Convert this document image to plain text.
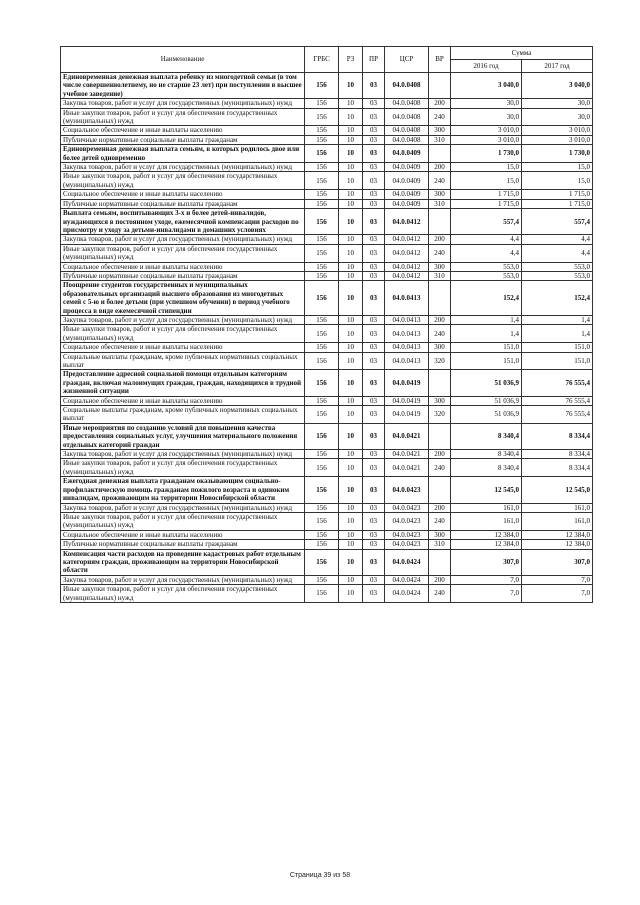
Наименование	ГРБС	РЗ	ПР	ЦСР	ВР	Сумма	
						2016 год	2017 год
Единовременная денежная выплата ребенку из многодетной семьи (в том числе совершеннолетнему, но не старше 23 лет) при поступлении в высшее учебное заведение)	156	10	03	04.0.0408		3 040,0	3 040,0
Закупка товаров, работ и услуг для государственных (муниципальных) нужд	156	10	03	04.0.0408	200	30,0	30,0
Иные закупки товаров, работ и услуг для обеспечения государственных (муниципальных) нужд	156	10	03	04.0.0408	240	30,0	30,0
Социальное обеспечение и иные выплаты населению	156	10	03	04.0.0408	300	3 010,0	3 010,0
Публичные нормативные социальные выплаты гражданам	156	10	03	04.0.0408	310	3 010,0	3 010,0
Единовременная денежная выплата семьям, в которых родилось двое или более детей одновременно	156	10	03	04.0.0409		1 730,0	1 730,0
Закупка товаров, работ и услуг для государственных (муниципальных) нужд	156	10	03	04.0.0409	200	15,0	15,0
Иные закупки товаров, работ и услуг для обеспечения государственных (муниципальных) нужд	156	10	03	04.0.0409	240	15,0	15,0
Социальное обеспечение и иные выплаты населению	156	10	03	04.0.0409	300	1 715,0	1 715,0
Публичные нормативные социальные выплаты гражданам	156	10	03	04.0.0409	310	1 715,0	1 715,0
Выплата семьям, воспитывающих 3-х и более детей-инвалидов, нуждающихся в постоянном уходе, ежемесячной компенсации расходов по присмотру и уходу за детьми-инвалидами в домашних условиях	156	10	03	04.0.0412		557,4	557,4
Закупка товаров, работ и услуг для государственных (муниципальных) нужд	156	10	03	04.0.0412	200	4,4	4,4
Иные закупки товаров, работ и услуг для обеспечения государственных (муниципальных) нужд	156	10	03	04.0.0412	240	4,4	4,4
Социальное обеспечение и иные выплаты населению	156	10	03	04.0.0412	300	553,0	553,0
Публичные нормативные социальные выплаты гражданам	156	10	03	04.0.0412	310	553,0	553,0
Поощрение студентов государственных и муниципальных образовательных организаций высшего образования из многодетных семей с 5-ю и более детьми (при успешном обучении) в период учебного процесса в виде ежемесячной стипендии	156	10	03	04.0.0413		152,4	152,4
Закупка товаров, работ и услуг для государственных (муниципальных) нужд	156	10	03	04.0.0413	200	1,4	1,4
Иные закупки товаров, работ и услуг для обеспечения государственных (муниципальных) нужд	156	10	03	04.0.0413	240	1,4	1,4
Социальное обеспечение и иные выплаты населению	156	10	03	04.0.0413	300	151,0	151,0
Социальные выплаты гражданам, кроме публичных нормативных социальных выплат	156	10	03	04.0.0413	320	151,0	151,0
Предоставление адресной социальной помощи отдельным категориям граждан, включая малоимущих граждан, граждан, находящихся в трудной жизненной ситуации	156	10	03	04.0.0419		51 036,9	76 555,4
Социальное обеспечение и иные выплаты населению	156	10	03	04.0.0419	300	51 036,9	76 555,4
Социальные выплаты гражданам, кроме публичных нормативных социальных выплат	156	10	03	04.0.0419	320	51 036,9	76 555,4
Иные мероприятия по созданию условий для повышения качества предоставления социальных услуг, улучшения материального положения отдельных категорий граждан	156	10	03	04.0.0421		8 340,4	8 334,4
Закупка товаров, работ и услуг для государственных (муниципальных) нужд	156	10	03	04.0.0421	200	8 340,4	8 334,4
Иные закупки товаров, работ и услуг для обеспечения государственных (муниципальных) нужд	156	10	03	04.0.0421	240	8 340,4	8 334,4
Ежегодная денежная выплата гражданам оказывающим социально- профилактическую помощь гражданам пожилого возраста и одиноким инвалидам, проживающим на территории Новосибирской области	156	10	03	04.0.0423		12 545,0	12 545,0
Закупка товаров, работ и услуг для государственных (муниципальных) нужд	156	10	03	04.0.0423	200	161,0	161,0
Иные закупки товаров, работ и услуг для обеспечения государственных (муниципальных) нужд	156	10	03	04.0.0423	240	161,0	161,0
Социальное обеспечение и иные выплаты населению	156	10	03	04.0.0423	300	12 384,0	12 384,0
Публичные нормативные социальные выплаты гражданам	156	10	03	04.0.0423	310	12 384,0	12 384,0
Компенсация части расходов на проведение кадастровых работ отдельным категориям граждан, проживающим на территории Новосибирской области	156	10	03	04.0.0424		307,0	307,0
Закупка товаров, работ и услуг для государственных (муниципальных) нужд	156	10	03	04.0.0424	200	7,0	7,0
Иные закупки товаров, работ и услуг для обеспечения государственных (муниципальных) нужд	156	10	03	04.0.0424	240	7,0	7,0
Страница 39 из 58
